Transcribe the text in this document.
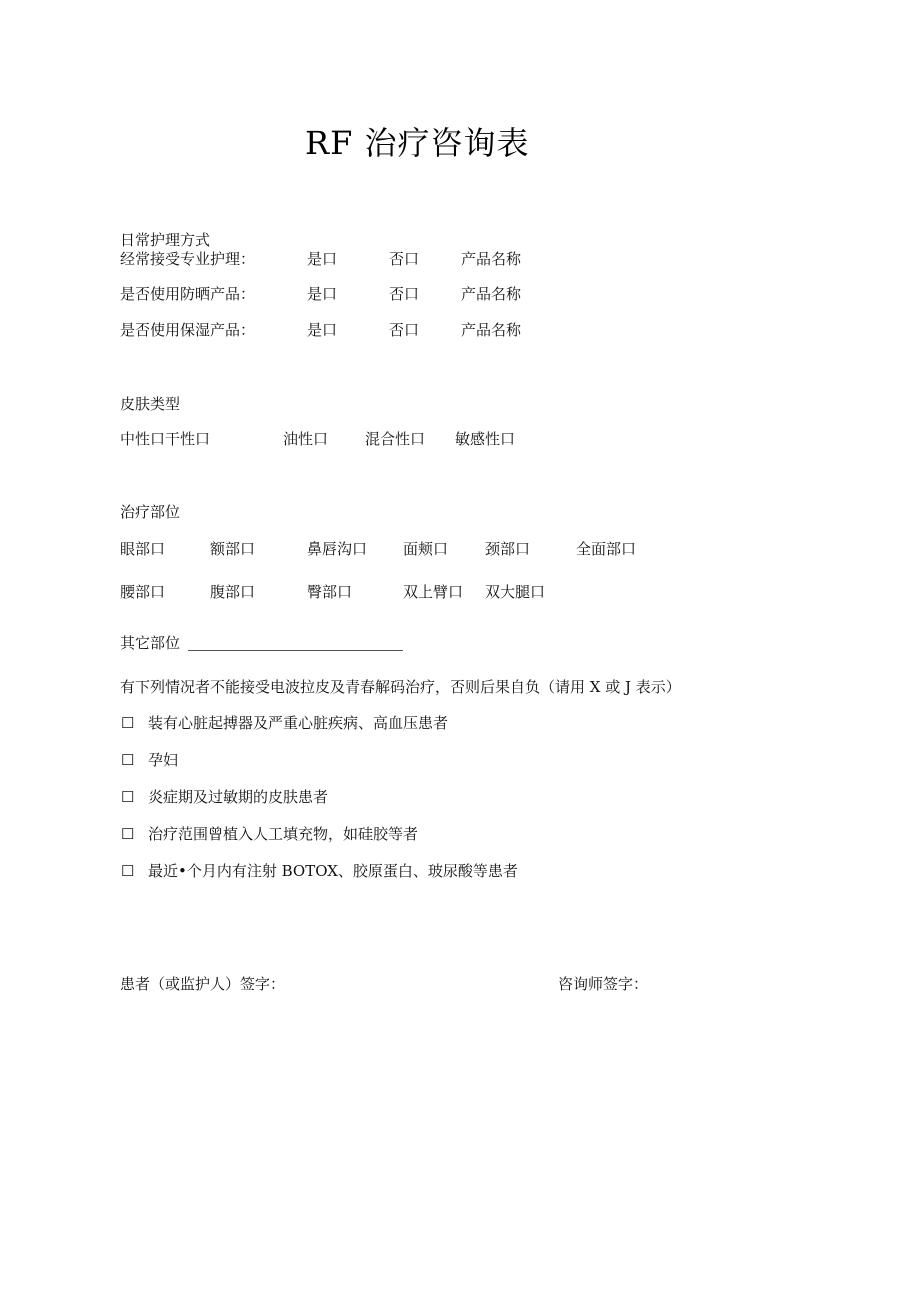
RF 治疗咨询表
日常护理方式
经常接受专业护理：	是口	否口	产品名称
是否使用防晒产品：	是口	否口	产品名称
是否使用保湿产品：	是口	否口	产品名称
皮肤类型
中性口干性口	油性口 混合性口 敏感性口
治疗部位
眼部口	额部口	鼻唇沟口 面颊口 颈部口	全面部口
腰部口	腹部口	臀部口	双上臂口 双大腿口
其它部位
有下列情况者不能接受电波拉皮及青春解码治疗，否则后果自负（请用 X 或 J 表示）
☐ 装有心脏起搏器及严重心脏疾病、高血压患者
☐ 孕妇
☐ 炎症期及过敏期的皮肤患者
☐ 治疗范围曾植入人工填充物，如硅胶等者
☐ 最近•个月内有注射 BOTOX、胶原蛋白、玻尿酸等患者
患者（或监护人）签字：	咨询师签字：
